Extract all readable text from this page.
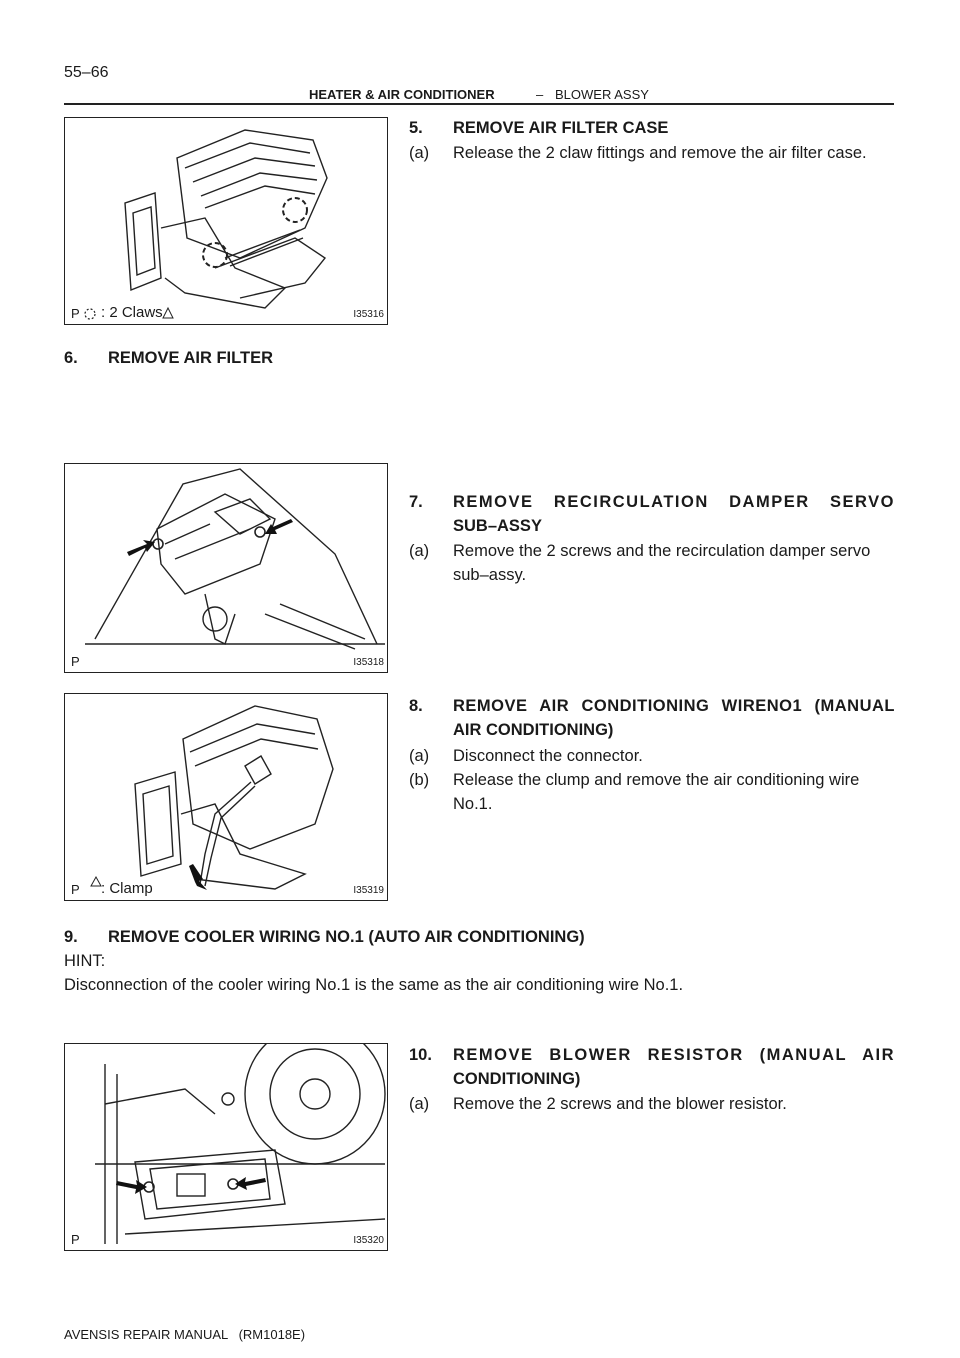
55–66
HEATER & AIR CONDITIONER	– BLOWER ASSY
P : 2 Claws	I35316
5. REMOVE AIR FILTER CASE
(a) Release the 2 claw fittings and remove the air filter case.
6. REMOVE AIR FILTER
P	I35318
7. REMOVE RECIRCULATION DAMPER SERVO
SUB–ASSY
(a) Remove the 2 screws and the recirculation damper servo
sub–assy.
P : Clamp	I35319
8. REMOVE AIR CONDITIONING WIRENO1 (MANUAL
AIR CONDITIONING)
(a) Disconnect the connector.
(b) Release the clump and remove the air conditioning wire
No.1.
9. REMOVE COOLER WIRING NO.1 (AUTO AIR CONDITIONING)
HINT:
Disconnection of the cooler wiring No.1 is the same as the air conditioning wire No.1.
P	I35320
10. REMOVE BLOWER RESISTOR (MANUAL AIR
CONDITIONING)
(a) Remove the 2 screws and the blower resistor.
AVENSIS REPAIR MANUAL   (RM1018E)
